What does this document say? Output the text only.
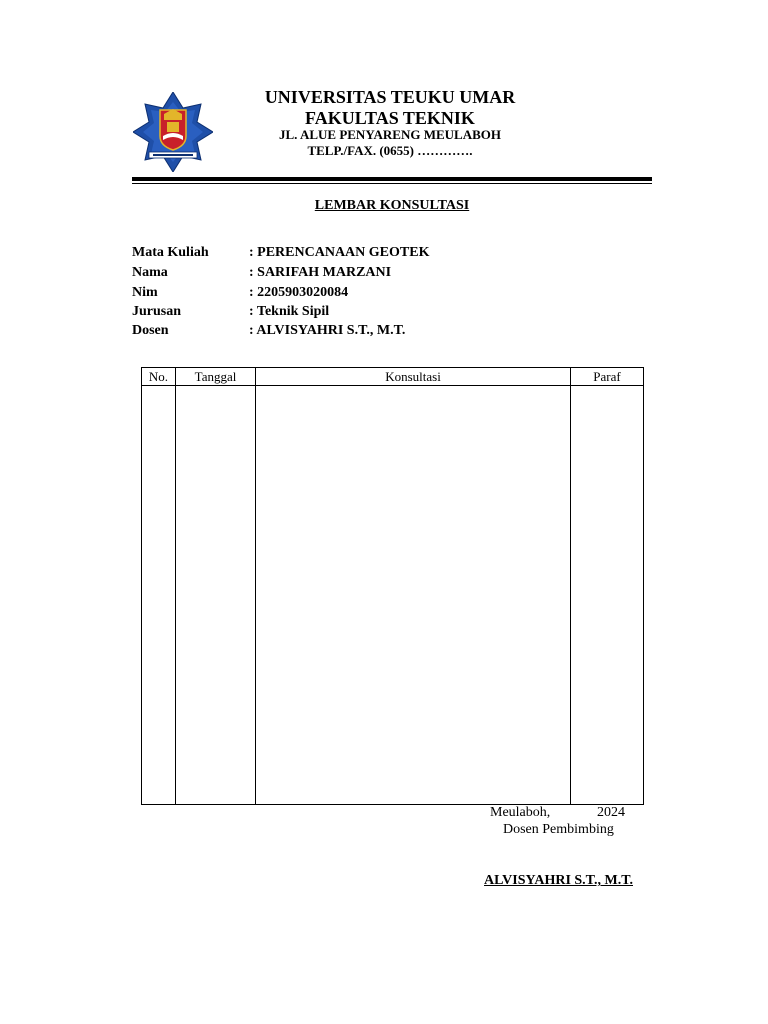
UNIVERSITAS TEUKU UMAR
FAKULTAS TEKNIK
JL. ALUE PENYARENG MEULABOH
TELP./FAX. (0655) ………….
LEMBAR KONSULTASI
Mata Kuliah	: PERENCANAAN GEOTEK
Nama	: SARIFAH MARZANI
Nim	: 2205903020084
Jurusan	: Teknik Sipil
Dosen	: ALVISYAHRI S.T., M.T.
No.	Tanggal	Konsultasi	Paraf

Meulaboh,	2024
Dosen Pembimbing
ALVISYAHRI S.T., M.T.
